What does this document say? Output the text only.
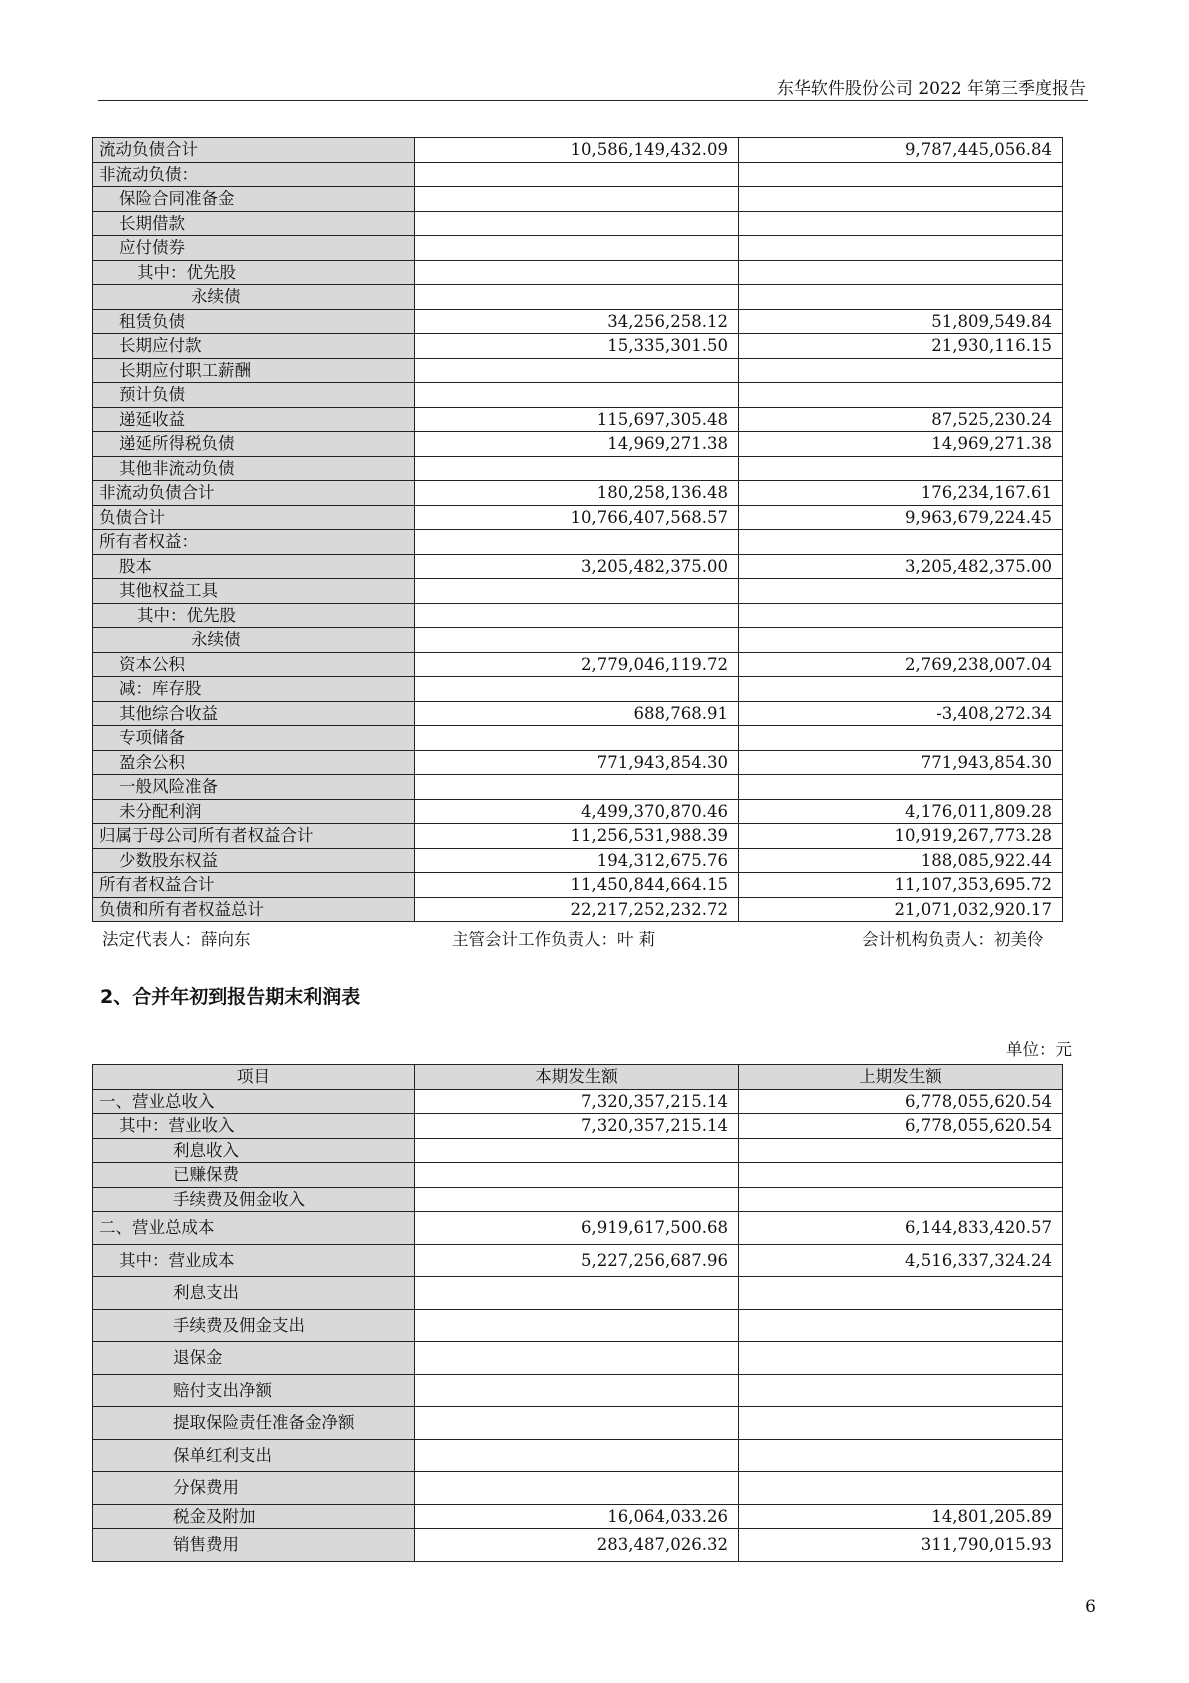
东华软件股份公司 2022 年第三季度报告
流动负债合计	10,586,149,432.09	9,787,445,056.84
非流动负债：		
保险合同准备金		
长期借款		
应付债券		
其中：优先股		
永续债		
租赁负债	34,256,258.12	51,809,549.84
长期应付款	15,335,301.50	21,930,116.15
长期应付职工薪酬		
预计负债		
递延收益	115,697,305.48	87,525,230.24
递延所得税负债	14,969,271.38	14,969,271.38
其他非流动负债		
非流动负债合计	180,258,136.48	176,234,167.61
负债合计	10,766,407,568.57	9,963,679,224.45
所有者权益：		
股本	3,205,482,375.00	3,205,482,375.00
其他权益工具		
其中：优先股		
永续债		
资本公积	2,779,046,119.72	2,769,238,007.04
减：库存股		
其他综合收益	688,768.91	-3,408,272.34
专项储备		
盈余公积	771,943,854.30	771,943,854.30
一般风险准备		
未分配利润	4,499,370,870.46	4,176,011,809.28
归属于母公司所有者权益合计	11,256,531,988.39	10,919,267,773.28
少数股东权益	194,312,675.76	188,085,922.44
所有者权益合计	11,450,844,664.15	11,107,353,695.72
负债和所有者权益总计	22,217,252,232.72	21,071,032,920.17
法定代表人：薛向东	主管会计工作负责人：叶 莉	会计机构负责人：初美伶
2、合并年初到报告期末利润表
单位：元
项目	本期发生额	上期发生额
一、营业总收入	7,320,357,215.14	6,778,055,620.54
其中：营业收入	7,320,357,215.14	6,778,055,620.54
利息收入		
已赚保费		
手续费及佣金收入		
二、营业总成本	6,919,617,500.68	6,144,833,420.57
其中：营业成本	5,227,256,687.96	4,516,337,324.24
利息支出		
手续费及佣金支出		
退保金		
赔付支出净额		
提取保险责任准备金净额		
保单红利支出		
分保费用		
税金及附加	16,064,033.26	14,801,205.89
销售费用	283,487,026.32	311,790,015.93
6
